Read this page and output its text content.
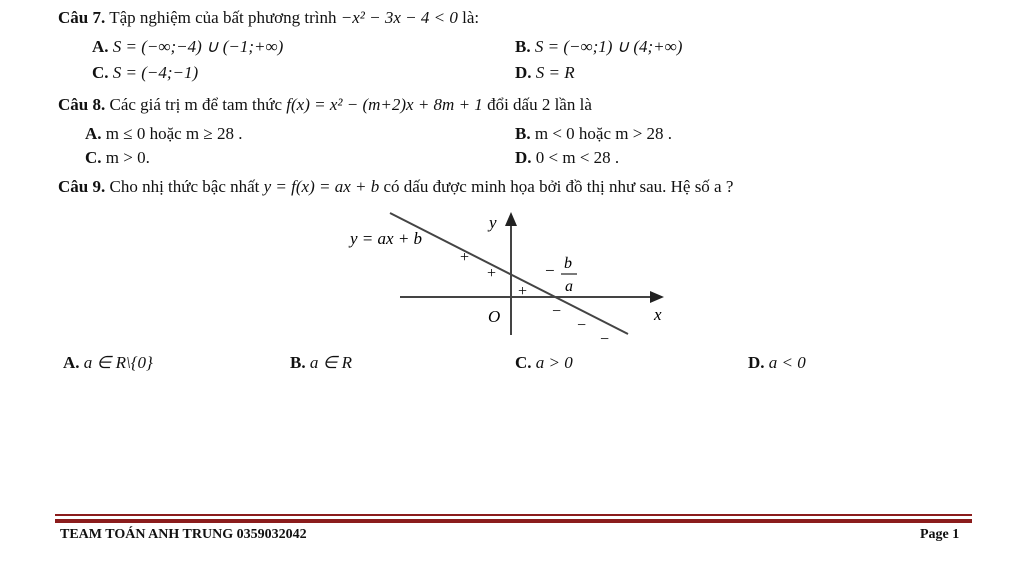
Câu 7. Tập nghiệm của bất phương trình −x² − 3x − 4 < 0 là:
A. S = (−∞;−4) ∪ (−1;+∞)	B. S = (−∞;1) ∪ (4;+∞)
C. S = (−4;−1)	D. S = R
Câu 8. Các giá trị m để tam thức f(x) = x² − (m+2)x + 8m + 1 đổi dấu 2 lần là
A. m ≤ 0 hoặc m ≥ 28 .	B. m < 0 hoặc m > 28 .
C. m > 0.	D. 0 < m < 28 .
Câu 9. Cho nhị thức bậc nhất y = f(x) = ax + b có dấu được minh họa bởi đồ thị như sau. Hệ số a ?
y = ax + b
y
x
O
− b
a
+
+
+
−
−
−
A. a ∈ R\{0}	B. a ∈ R	C. a > 0	D. a < 0
TEAM TOÁN ANH TRUNG 0359032042	Page 1
